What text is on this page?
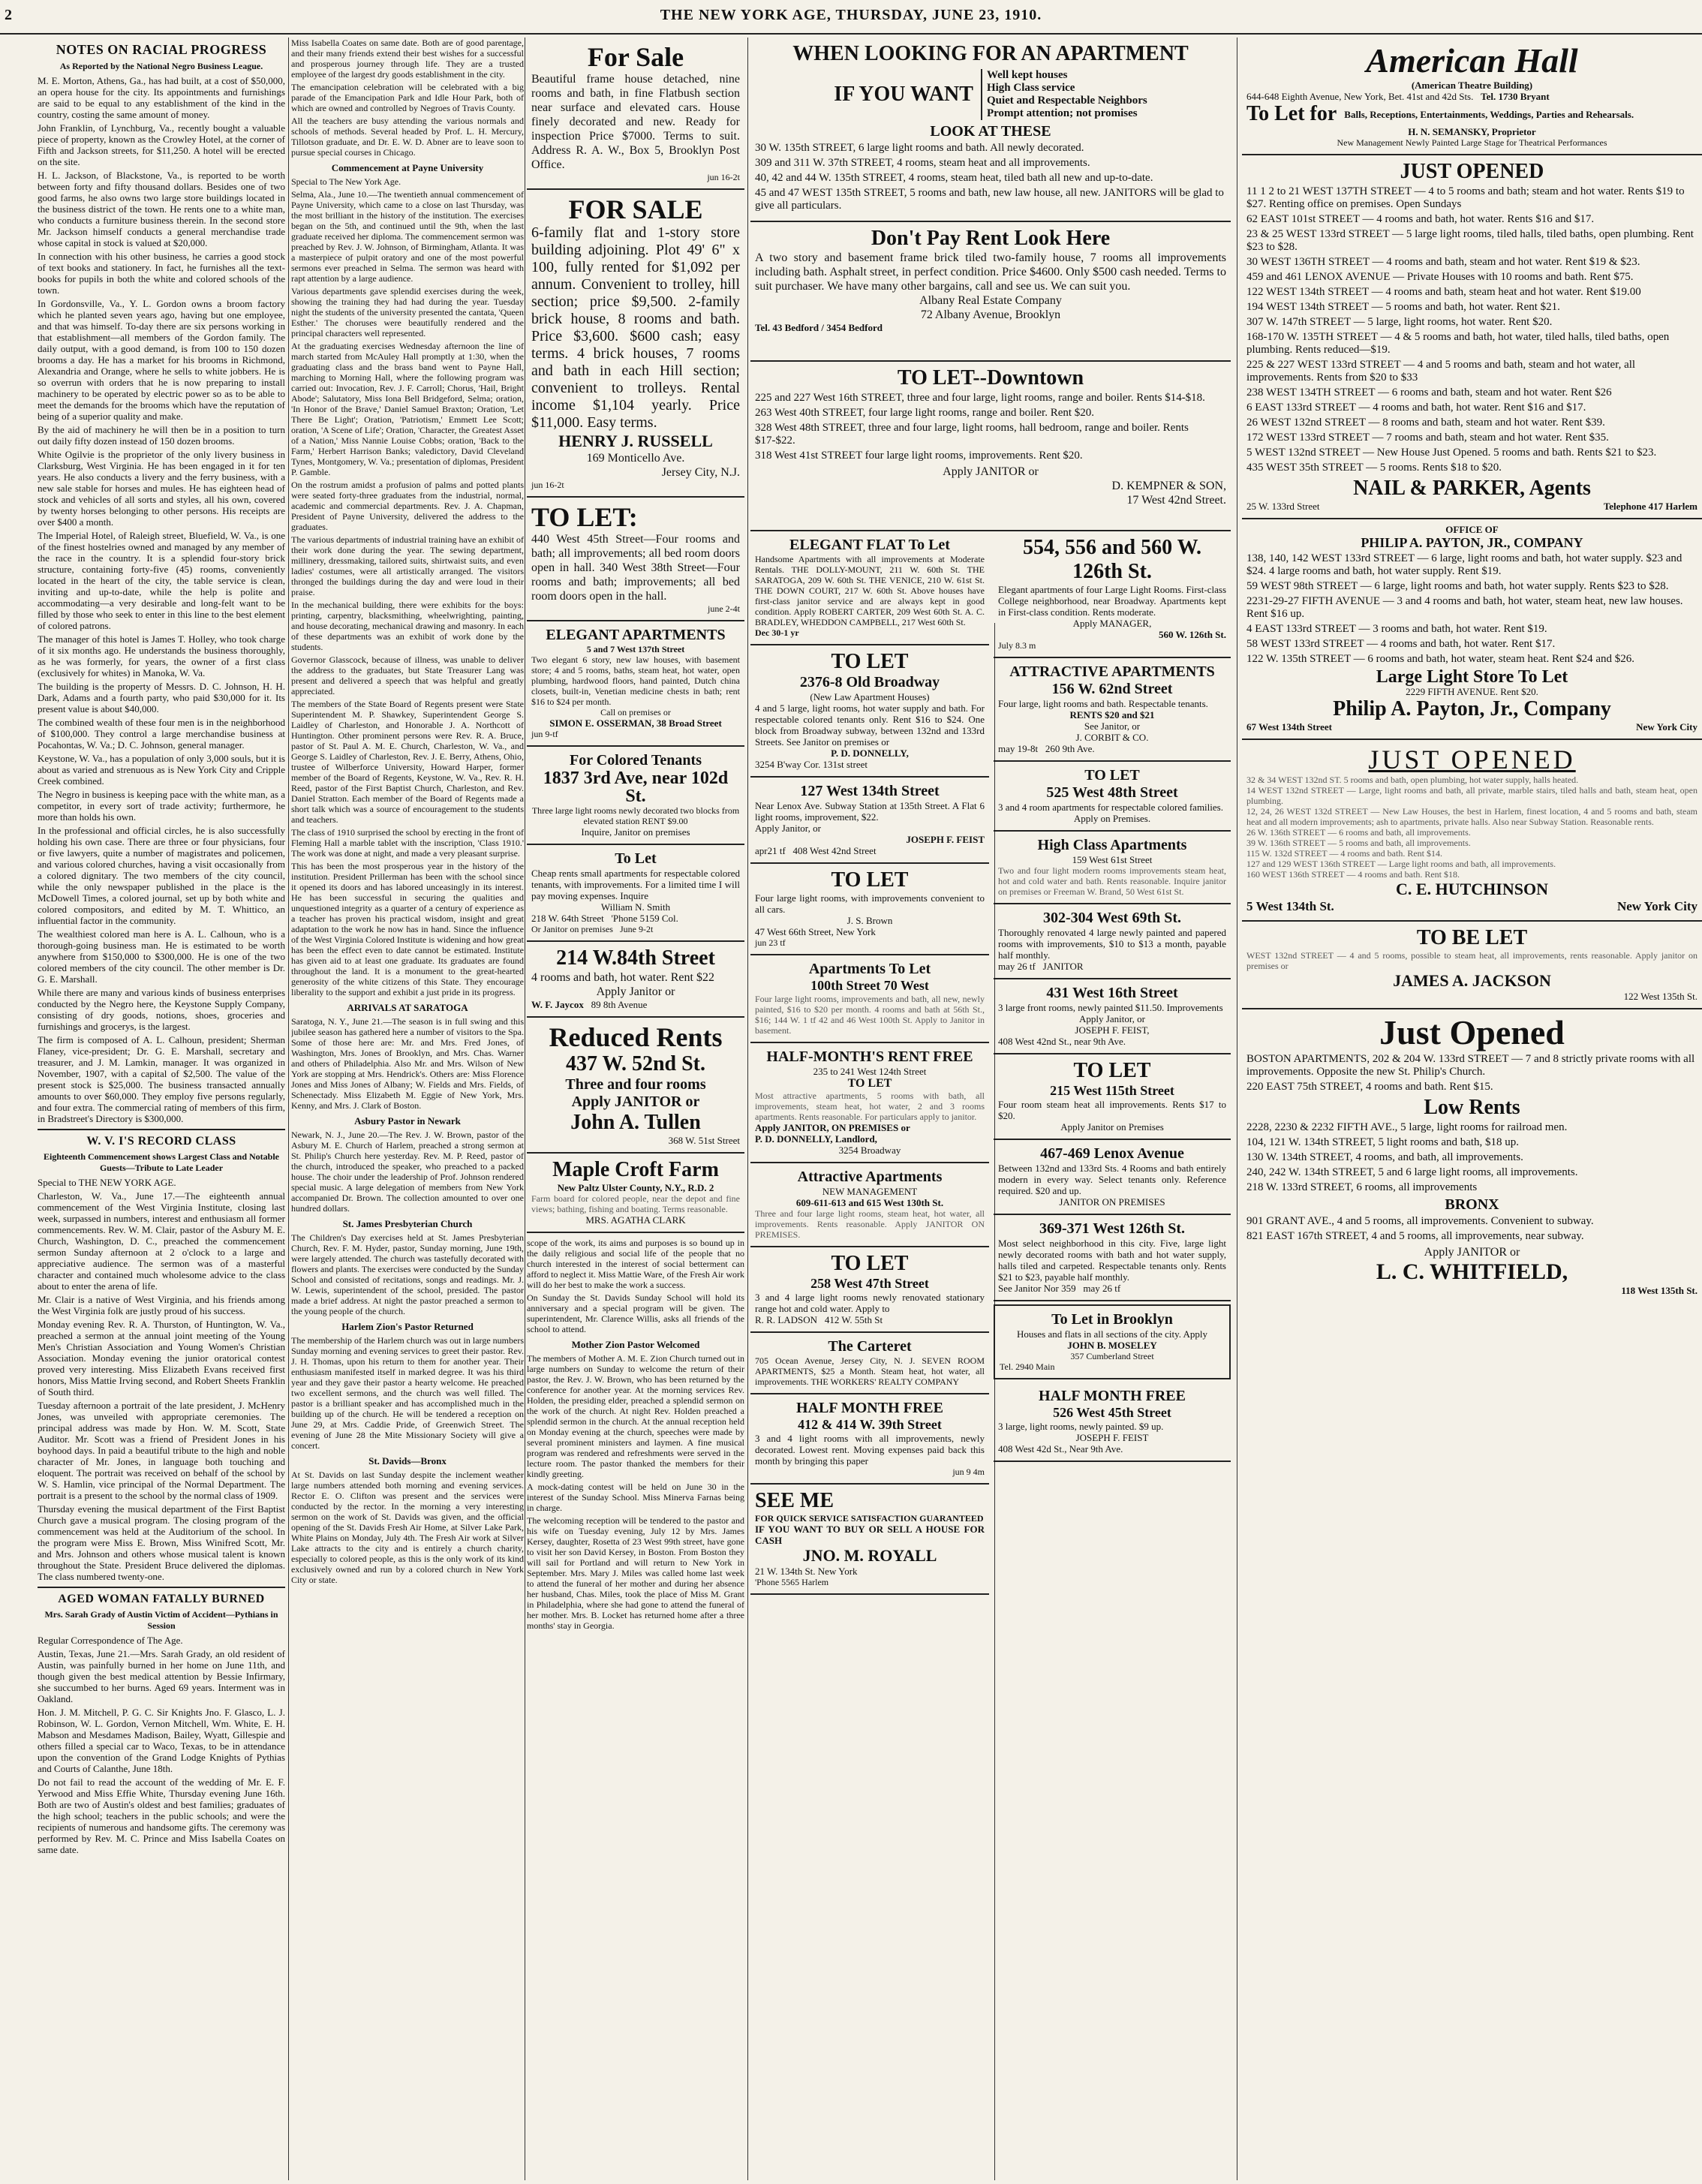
2	THE NEW YORK AGE, THURSDAY, JUNE 23, 1910.
NOTES ON RACIAL PROGRESS
As Reported by the National Negro Business League.

M. E. Morton, Athens, Ga., has had built, at a cost of $50,000, an opera house for the city. Its appointments and furnishings are said to be equal to any establishment of the kind in the country, costing the same amount of money.

John Franklin, of Lynchburg, Va., recently bought a valuable piece of property, known as the Crowley Hotel, at the corner of Fifth and Jackson streets, for $11,250. A hotel will be erected on the site.

H. L. Jackson, of Blackstone, Va., is reported to be worth between forty and fifty thousand dollars. Besides one of two good farms, he also owns two large store buildings located in the business district of the town. He rents one to a white man, who conducts a furniture business therein. In the second store Mr. Jackson himself conducts a general merchandise trade whose capital in stock is valued at $20,000.

In connection with his other business, he carries a good stock of text books and stationery. In fact, he furnishes all the text-books for pupils in both the white and colored schools of the town.

In Gordonsville, Va., Y. L. Gordon owns a broom factory which he planted seven years ago, having but one employee, and that was himself. To-day there are six persons working in that establishment—all members of the Gordon family. The daily output, with a good demand, is from 100 to 150 dozen brooms a day. He has a market for his brooms in Richmond, Alexandria and Orange, where he sells to white jobbers. He is so overrun with orders that he is now preparing to install machinery to be operated by electric power so as to be able to meet the demands for the brooms which have the reputation of being of a superior quality and make.

By the aid of machinery he will then be in a position to turn out daily fifty dozen instead of 150 dozen brooms.

White Ogilvie is the proprietor of the only livery business in Clarksburg, West Virginia. He has been engaged in it for ten years. He also conducts a livery and the ferry business, with a new sale stable for horses and mules. He has eighteen head of stock and vehicles of all sorts and styles, all his own, covered by twenty horses belonging to other persons. His receipts are over $400 a month.

The Imperial Hotel, of Raleigh street, Bluefield, W. Va., is one of the finest hostelries owned and managed by any member of the race in the country. It is a splendid four-story brick structure, containing forty-five (45) rooms, conveniently located in the heart of the city, the table service is clean, inviting and up-to-date, while the help is polite and accommodating—a very desirable and long-felt want to be filled by those who seek to enter in this line to the best element of colored patrons.

The manager of this hotel is James T. Holley, who took charge of it six months ago. He understands the business thoroughly, as he was formerly, for years, the owner of a first class (exclusively for whites) in Manoka, W. Va.

The building is the property of Messrs. D. C. Johnson, H. H. Dark, Adams and a fourth party, who paid $30,000 for it. Its present value is about $40,000.

The combined wealth of these four men is in the neighborhood of $100,000. They control a large merchandise business at Pocahontas, W. Va.; D. C. Johnson, general manager.

Keystone, W. Va., has a population of only 3,000 souls, but it is about as varied and strenuous as is New York City and Cripple Creek combined.

The Negro in business is keeping pace with the white man, as a competitor, in every sort of trade activity; furthermore, he more than holds his own.

In the professional and official circles, he is also successfully holding his own case. There are three or four physicians, four or five lawyers, quite a number of magistrates and policemen, and various colored churches, having a visit occasionally from a colored dignitary. The two members of the city council, while the only newspaper published in the place is the McDowell Times, a colored journal, set up by both white and colored compositors, and edited by M. T. Whittico, an influential factor in the community.

The wealthiest colored man here is A. L. Calhoun, who is a thorough-going business man. He is estimated to be worth anywhere from $150,000 to $300,000. He is one of the two colored members of the city council. The other member is Dr. G. E. Marshall.

While there are many and various kinds of business enterprises conducted by the Negro here, the Keystone Supply Company, consisting of dry goods, notions, shoes, groceries and furnishings and grocerys, is the largest.

The firm is composed of A. L. Calhoun, president; Sherman Flaney, vice-president; Dr. G. E. Marshall, secretary and treasurer, and J. M. Lamkin, manager. It was organized in November, 1907, with a capital of $2,500. The value of the present stock is $25,000. The business transacted annually amounts to over $60,000. They employ five persons regularly, and four extra. The commercial rating of members of this firm, in Bradstreet's Directory is $300,000.

W. V. I'S RECORD CLASS
Eighteenth Commencement shows Largest Class and Notable Guests—Tribute to Late Leader

Special to THE NEW YORK AGE.

Charleston, W. Va., June 17.—The eighteenth annual commencement of the West Virginia Institute, closing last week, surpassed in numbers, interest and enthusiasm all former commencements. Rev. W. M. Clair, pastor of the Asbury M. E. Church, Washington, D. C., preached the commencement sermon Sunday afternoon at 2 o'clock to a large and appreciative audience. The sermon was of a masterful character and contained much wholesome advice to the class about to enter the arena of life.

Mr. Clair is a native of West Virginia, and his friends among the West Virginia folk are justly proud of his success.

Monday evening Rev. R. A. Thurston, of Huntington, W. Va., preached a sermon at the annual joint meeting of the Young Men's Christian Association and Young Women's Christian Association. Monday evening the junior oratorical contest proved very interesting. Miss Elizabeth Evans received first honors, Miss Mattie Irving second, and Robert Sheets Franklin of South third.

Tuesday afternoon a portrait of the late president, J. McHenry Jones, was unveiled with appropriate ceremonies. The principal address was made by Hon. W. M. Scott, State Auditor. Mr. Scott was a friend of President Jones in his boyhood days. In paid a beautiful tribute to the high and noble character of Mr. Jones, in language both touching and eloquent. The portrait was received on behalf of the school by W. S. Hamlin, vice principal of the Normal Department. The portrait is a present to the school by the normal class of 1909.

Thursday evening the musical department of the First Baptist Church gave a musical program. The closing program of the commencement was held at the Auditorium of the school. In the program were Miss E. Brown, Miss Winifred Scott, Mr. and Mrs. Johnson and others whose musical talent is known throughout the State. President Bruce delivered the diplomas. The class numbered twenty-one.

AGED WOMAN FATALLY BURNED
Mrs. Sarah Grady of Austin Victim of Accident—Pythians in Session

Regular Correspondence of The Age.

Austin, Texas, June 21.—Mrs. Sarah Grady, an old resident of Austin, was painfully burned in her home on June 11th, and though given the best medical attention by Bessie Infirmary, she succumbed to her burns. Aged 69 years. Interment was in Oakland.

Hon. J. M. Mitchell, P. G. C. Sir Knights Jno. F. Glasco, L. J. Robinson, W. L. Gordon, Vernon Mitchell, Wm. White, E. H. Mabson and Mesdames Madison, Bailey, Wyatt, Gillespie and others filled a special car to Waco, Texas, to be in attendance upon the convention of the Grand Lodge Knights of Pythias and Courts of Calanthe, June 18th.

Do not fail to read the account of the wedding of Mr. E. F. Yerwood and Miss Effie White, Thursday evening June 16th. Both are two of Austin's oldest and best families; graduates of the high school; teachers in the public schools; and were the recipients of numerous and handsome gifts. The ceremony was performed by Rev. M. C. Prince and Miss Isabella Coates on same date.

Miss Isabella Coates on same date. Both are of good parentage, and their many friends extend their best wishes for a successful and prosperous journey through life. They are a trusted employee of the largest dry goods establishment in the city.

The emancipation celebration will be celebrated with a big parade of the Emancipation Park and Idle Hour Park, both of which are owned and controlled by Negroes of Travis County.

All the teachers are busy attending the various normals and schools of methods. Several headed by Prof. L. H. Mercury, Tillotson graduate, and Dr. E. W. D. Abner are to leave soon to pursue special courses in Chicago.

Commencement at Payne University

Special to The New York Age.

Selma, Ala., June 10.—The twentieth annual commencement of Payne University, which came to a close on last Thursday, was the most brilliant in the history of the institution. The exercises began on the 5th, and continued until the 9th, when the last graduate received her diploma. The commencement sermon was preached by Rev. J. W. Johnson, of Birmingham, Atlanta. It was a masterpiece of pulpit oratory and one of the most powerful sermons ever preached in Selma. The sermon was heard with rapt attention by a large audience.

Various departments gave splendid exercises during the week, showing the training they had had during the year. Tuesday night the students of the university presented the cantata, 'Queen Esther.' The choruses were beautifully rendered and the principal characters well represented.

At the graduating exercises Wednesday afternoon the line of march started from McAuley Hall promptly at 1:30, when the graduating class and the brass band went to Payne Hall, marching to Morning Hall, where the following program was carried out: Invocation, Rev. J. F. Carroll; Chorus, 'Hail, Bright Abode'; Salutatory, Miss Iona Bell Bridgeford, Selma; oration, 'In Honor of the Brave,' Daniel Samuel Braxton; Oration, 'Let There Be Light'; Oration, 'Patriotism,' Emmett Lee Scott; oration, 'A Scene of Life'; Oration, 'Character, the Greatest Asset of a Nation,' Miss Nannie Louise Cobbs; oration, 'Back to the Farm,' Herbert Harrison Banks; valedictory, David Cleveland Tynes, Montgomery, W. Va.; presentation of diplomas, President P. Gamble.

On the rostrum amidst a profusion of palms and potted plants were seated forty-three graduates from the industrial, normal, academic and commercial departments. Rev. J. A. Chapman, President of Payne University, delivered the address to the graduates.

The various departments of industrial training have an exhibit of their work done during the year. The sewing department, millinery, dressmaking, tailored suits, shirtwaist suits, and even ladies' costumes, were all artistically arranged. The visitors thronged the buildings during the day and were loud in their praise.

In the mechanical building, there were exhibits for the boys: printing, carpentry, blacksmithing, wheelwrighting, painting, and house decorating, mechanical drawing and masonry. In each of these departments was an exhibit of work done by the students.

Governor Glasscock, because of illness, was unable to deliver the address to the graduates, but State Treasurer Lang was present and delivered a speech that was helpful and greatly appreciated.

The members of the State Board of Regents present were State Superintendent M. P. Shawkey, Superintendent George S. Laidley of Charleston, and Honorable J. A. Northcott of Huntington. Other prominent persons were Rev. R. A. Bruce, pastor of St. Paul A. M. E. Church, Charleston, W. Va., and George S. Laidley of Charleston, Rev. J. E. Berry, Athens, Ohio, trustee of Wilberforce University, Howard Harper, former member of the Board of Regents, Keystone, W. Va., Rev. R. H. Reed, pastor of the First Baptist Church, Charleston, and Rev. Daniel Stratton. Each member of the Board of Regents made a short talk which was a source of encouragement to the students and teachers.

The class of 1910 surprised the school by erecting in the front of Fleming Hall a marble tablet with the inscription, 'Class 1910.' The work was done at night, and made a very pleasant surprise.

This has been the most prosperous year in the history of the institution. President Prillerman has been with the school since it opened its doors and has labored unceasingly in its interest. He has been successful in securing the qualities and unquestioned integrity as a quarter of a century of experience as a teacher has proven his practical wisdom, insight and great adaptation to the work he now has in hand. Since the influence of the West Virginia Colored Institute is widening and how great has been the effect even to date cannot be estimated. Institute has given aid to at least one graduate. Its graduates are found throughout the land. It is a monument to the great-hearted generosity of the white citizens of this State. They encourage liberality to the support and exhibit a just pride in its progress.

ARRIVALS AT SARATOGA

Saratoga, N. Y., June 21.—The season is in full swing and this jubilee season has gathered here a number of visitors to the Spa. Some of those here are: Mr. and Mrs. Fred Jones, of Washington, Mrs. Jones of Brooklyn, and Mrs. Chas. Warner and others of Philadelphia. Also Mr. and Mrs. Wilson of New York are stopping at Mrs. Hendrick's. Others are: Miss Florence Jones and Miss Jones of Albany; W. Fields and Mrs. Fields, of Schenectady. Miss Elizabeth M. Eggie of New York, Mrs. Kenny, and Mrs. J. Clark of Boston.

Asbury Pastor in Newark

Newark, N. J., June 20.—The Rev. J. W. Brown, pastor of the Asbury M. E. Church of Harlem, preached a strong sermon at St. Philip's Church here yesterday. Rev. M. P. Reed, pastor of the church, introduced the speaker, who preached to a packed house. The choir under the leadership of Prof. Johnson rendered special music. A large delegation of members from New York accompanied Dr. Brown. The collection amounted to over one hundred dollars.

St. James Presbyterian Church

The Children's Day exercises held at St. James Presbyterian Church, Rev. F. M. Hyder, pastor, Sunday morning, June 19th, were largely attended. The church was tastefully decorated with flowers and plants. The exercises were conducted by the Sunday School and consisted of recitations, songs and readings. Mr. J. W. Lewis, superintendent of the school, presided. The pastor made a brief address. At night the pastor preached a sermon to the young people of the church.

Harlem Zion's Pastor Returned

The membership of the Harlem church was out in large numbers Sunday morning and evening services to greet their pastor. Rev. J. H. Thomas, upon his return to them for another year. Their enthusiasm manifested itself in marked degree. It was his third year and they gave their pastor a hearty welcome. He preached two excellent sermons, and the church was well filled. The pastor is a brilliant speaker and has accomplished much in the building up of the church. He will be tendered a reception on June 29, at Mrs. Caddie Pride, of Greenwich Street. The evening of June 28 the Mite Missionary Society will give a concert.

St. Davids—Bronx

At St. Davids on last Sunday despite the inclement weather large numbers attended both morning and evening services. Rector E. O. Clifton was present and the services were conducted by the rector. In the morning a very interesting sermon on the work of St. Davids was given, and the official opening of the St. Davids Fresh Air Home, at Silver Lake Park, White Plains on Monday, July 4th. The Fresh Air work at Silver Lake attracts to the city and is entirely a church charity, especially to colored people, as this is the only work of its kind exclusively owned and run by a colored church in New York City or state.

For Sale
Beautiful frame house detached, nine rooms and bath, in fine Flatbush section near surface and elevated cars. House finely decorated and new. Ready for inspection Price $7000. Terms to suit. Address R. A. W., Box 5, Brooklyn Post Office.
jun 16-2t
FOR SALE
6-family flat and 1-story store building adjoining. Plot 49' 6" x 100, fully rented for $1,092 per annum. Convenient to trolley, hill section; price $9,500. 2-family brick house, 8 rooms and bath. Price $3,600. $600 cash; easy terms. 4 brick houses, 7 rooms and bath in each Hill section; convenient to trolleys. Rental income $1,104 yearly. Price $11,000. Easy terms.
HENRY J. RUSSELL
169 Monticello Ave.
Jersey City, N.J.
jun 16-2t
TO LET:
440 West 45th Street—Four rooms and bath; all improvements; all bed room doors open in hall. 340 West 38th Street—Four rooms and bath; improvements; all bed room doors open in the hall.
june 2-4t
ELEGANT APARTMENTS
5 and 7 West 137th Street
Two elegant 6 story, new law houses, with basement store; 4 and 5 rooms, baths, steam heat, hot water, open plumbing, hardwood floors, hand painted, Dutch china closets, built-in, Venetian medicine chests in bath; rent $16 to $24 per month.
Call on premises or
SIMON E. OSSERMAN, 38 Broad Street
jun 9-tf
For Colored Tenants
1837 3rd Ave, near 102d St.
Three large light rooms newly decorated two blocks from elevated station RENT $9.00
Inquire, Janitor on premises
To Let
Cheap rents small apartments for respectable colored tenants, with improvements. For a limited time I will pay moving expenses. Inquire
William N. Smith
218 W. 64th Street 'Phone 5159 Col.
Or Janitor on premises June 9-2t
214 W.84th Street
4 rooms and bath, hot water. Rent $22
Apply Janitor or
W. F. Jaycox 89 8th Avenue
Reduced Rents
437 W. 52nd St.
Three and four rooms
Apply JANITOR or
John A. Tullen
368 W. 51st Street
Maple Croft Farm
New Paltz Ulster County, N.Y., R.D. 2
Farm board for colored people, near the depot and fine views; bathing, fishing and boating. Terms reasonable.
MRS. AGATHA CLARK

scope of the work, its aims and purposes is so bound up in the daily religious and social life of the people that no church interested in the interest of social betterment can afford to neglect it. Miss Mattie Ware, of the Fresh Air work will do her best to make the work a success.

On Sunday the St. Davids Sunday School will hold its anniversary and a special program will be given. The superintendent, Mr. Clarence Willis, asks all friends of the school to attend.

Mother Zion Pastor Welcomed

The members of Mother A. M. E. Zion Church turned out in large numbers on Sunday to welcome the return of their pastor, the Rev. J. W. Brown, who has been returned by the conference for another year. At the morning services Rev. Holden, the presiding elder, preached a splendid sermon on the work of the church. At night Rev. Holden preached a splendid sermon in the church. At the annual reception held on Monday evening at the church, speeches were made by several prominent ministers and laymen. A fine musical program was rendered and refreshments were served in the lecture room. The pastor thanked the members for their kindly greeting.

A mock-dating contest will be held on June 30 in the interest of the Sunday School. Miss Minerva Farnas being in charge.

The welcoming reception will be tendered to the pastor and his wife on Tuesday evening, July 12 by Mrs. James Kersey, daughter, Rosetta of 23 West 99th street, have gone to visit her son David Kersey, in Boston. From Boston they will sail for Portland and will return to New York in September. Mrs. Mary J. Miles was called home last week to attend the funeral of her mother and during her absence her husband, Chas. Miles, took the place of Miss M. Grant in Philadelphia, where she had gone to attend the funeral of her mother. Mrs. B. Locket has returned home after a three months' stay in Georgia.

WHEN LOOKING FOR AN APARTMENT
IF YOU WANT
Well kept houses
High Class service
Quiet and Respectable Neighbors
Prompt attention; not promises
LOOK AT THESE
30 W. 135th STREET, 6 large light rooms and bath. All newly decorated.
309 and 311 W. 37th STREET, 4 rooms, steam heat and all improvements.
40, 42 and 44 W. 135th STREET, 4 rooms, steam heat, tiled bath all new and up-to-date.
45 and 47 WEST 135th STREET, 5 rooms and bath, new law house, all new. JANITORS will be glad to give all particulars.
Don't Pay Rent Look Here
A two story and basement frame brick tiled two-family house, 7 rooms all improvements including bath. Asphalt street, in perfect condition. Price $4600. Only $500 cash needed. Terms to suit purchaser. We have many other bargains, call and see us. We can suit you.
Albany Real Estate Company
72 Albany Avenue, Brooklyn
Tel. 43 Bedford / 3454 Bedford
TO LET--Downtown
225 and 227 West 16th STREET, three and four large, light rooms, range and boiler. Rents $14-$18.
263 West 40th STREET, four large light rooms, range and boiler. Rent $20.
328 West 48th STREET, three and four large, light rooms, hall bedroom, range and boiler. Rents $17-$22.
318 West 41st STREET four large light rooms, improvements. Rent $20.
Apply JANITOR or
D. KEMPNER & SON,
17 West 42nd Street.
ELEGANT FLAT To Let
Handsome Apartments with all improvements at Moderate Rentals. THE DOLLY-MOUNT, 211 W. 60th St. THE SARATOGA, 209 W. 60th St. THE VENICE, 210 W. 61st St. THE DOWN COURT, 217 W. 60th St. Above houses have first-class janitor service and are always kept in good condition. Apply ROBERT CARTER, 209 West 60th St. A. C. BRADLEY, WHEDDON CAMPBELL, 217 West 60th St.
Dec 30-1 yr
TO LET
2376-8 Old Broadway
(New Law Apartment Houses)
4 and 5 large, light rooms, hot water supply and bath. For respectable colored tenants only. Rent $16 to $24. One block from Broadway subway, between 132nd and 133rd Streets. See Janitor on premises or
P. D. DONNELLY,
3254 B'way Cor. 131st street
127 West 134th Street
Near Lenox Ave. Subway Station at 135th Street. A Flat 6 light rooms, improvement, $22.
Apply Janitor, or
JOSEPH F. FEIST
apr21 tf 408 West 42nd Street
TO LET
Four large light rooms, with improvements convenient to all cars.
J. S. Brown
47 West 66th Street, New York
jun 23 tf
Apartments To Let
100th Street 70 West
Four large light rooms, improvements and bath, all new, newly painted, $16 to $20 per month. 4 rooms and bath at 56th St., $16; 144 W. 1 tf 42 and 46 West 100th St. Apply to Janitor in basement.
HALF-MONTH'S RENT FREE
235 to 241 West 124th Street
TO LET
Most attractive apartments, 5 rooms with bath, all improvements, steam heat, hot water, 2 and 3 rooms apartments. Rents reasonable. For particulars apply to janitor.
Apply JANITOR, ON PREMISES or
P. D. DONNELLY, Landlord,
3254 Broadway
Attractive Apartments
NEW MANAGEMENT
609-611-613 and 615 West 130th St.
Three and four large light rooms, steam heat, hot water, all improvements. Rents reasonable. Apply JANITOR ON PREMISES.
TO LET
258 West 47th Street
3 and 4 large light rooms newly renovated stationary range hot and cold water. Apply to
R. R. LADSON 412 W. 55th St
The Carteret
705 Ocean Avenue, Jersey City, N. J. SEVEN ROOM APARTMENTS, $25 a Month. Steam heat, hot water, all improvements. THE WORKERS' REALTY COMPANY
HALF MONTH FREE
412 & 414 W. 39th Street
3 and 4 light rooms with all improvements, newly decorated. Lowest rent. Moving expenses paid back this month by bringing this paper
jun 9 4m
SEE ME
FOR QUICK SERVICE SATISFACTION GUARANTEED
IF YOU WANT TO BUY OR SELL A HOUSE FOR CASH
JNO. M. ROYALL
21 W. 134th St. New York
'Phone 5565 Harlem
554, 556 and 560 W. 126th St.
Elegant apartments of four Large Light Rooms. First-class College neighborhood, near Broadway. Apartments kept in First-class condition. Rents moderate.
Apply MANAGER,
560 W. 126th St.
July 8.3 m
ATTRACTIVE APARTMENTS
156 W. 62nd Street
Four large, light rooms and bath. Respectable tenants.
RENTS $20 and $21
See Janitor, or
J. CORBIT & CO.
may 19-8t 260 9th Ave.
TO LET
525 West 48th Street
3 and 4 room apartments for respectable colored families.
Apply on Premises.
High Class Apartments
159 West 61st Street
Two and four light modern rooms improvements steam heat, hot and cold water and bath. Rents reasonable. Inquire janitor on premises or Freeman W. Brand, 50 West 61st St.
302-304 West 69th St.
Thoroughly renovated 4 large newly painted and papered rooms with improvements, $10 to $13 a month, payable half monthly.
may 26 tf JANITOR
431 West 16th Street
3 large front rooms, newly painted $11.50. Improvements
Apply Janitor, or
JOSEPH F. FEIST,
408 West 42nd St., near 9th Ave.
TO LET
215 West 115th Street
Four room steam heat all improvements. Rents $17 to $20.
Apply Janitor on Premises
467-469 Lenox Avenue
Between 132nd and 133rd Sts. 4 Rooms and bath entirely modern in every way. Select tenants only. Reference required. $20 and up.
JANITOR ON PREMISES
369-371 West 126th St.
Most select neighborhood in this city. Five, large light newly decorated rooms with bath and hot water supply, halls tiled and carpeted. Respectable tenants only. Rents $21 to $23, payable half monthly.
See Janitor Nor 359 may 26 tf
To Let in Brooklyn
Houses and flats in all sections of the city. Apply
JOHN B. MOSELEY
357 Cumberland Street
Tel. 2940 Main
HALF MONTH FREE
526 West 45th Street
3 large, light rooms, newly painted. $9 up.
JOSEPH F. FEIST
408 West 42d St., Near 9th Ave.
American Hall
(American Theatre Building)
644-648 Eighth Avenue, New York, Bet. 41st and 42d Sts. Tel. 1730 Bryant
To Let for Balls, Receptions, Entertainments, Weddings, Parties and Rehearsals.
H. N. SEMANSKY, Proprietor
New Management Newly Painted Large Stage for Theatrical Performances
JUST OPENED
11 1 2 to 21 WEST 137TH STREET — 4 to 5 rooms and bath; steam and hot water. Rents $19 to $27. Renting office on premises. Open Sundays
62 EAST 101st STREET — 4 rooms and bath, hot water. Rents $16 and $17.
23 & 25 WEST 133rd STREET — 5 large light rooms, tiled halls, tiled baths, open plumbing. Rent $23 to $28.
30 WEST 136TH STREET — 4 rooms and bath, steam and hot water. Rent $19 & $23.
459 and 461 LENOX AVENUE — Private Houses with 10 rooms and bath. Rent $75.
122 WEST 134th STREET — 4 rooms and bath, steam heat and hot water. Rent $19.00
194 WEST 134th STREET — 5 rooms and bath, hot water. Rent $21.
307 W. 147th STREET — 5 large, light rooms, hot water. Rent $20.
168-170 W. 135TH STREET — 4 & 5 rooms and bath, hot water, tiled halls, tiled baths, open plumbing. Rents reduced—$19.
225 & 227 WEST 133rd STREET — 4 and 5 rooms and bath, steam and hot water, all improvements. Rents from $20 to $33
238 WEST 134TH STREET — 6 rooms and bath, steam and hot water. Rent $26
6 EAST 133rd STREET — 4 rooms and bath, hot water. Rent $16 and $17.
26 WEST 132nd STREET — 8 rooms and bath, steam and hot water. Rent $39.
172 WEST 133rd STREET — 7 rooms and bath, steam and hot water. Rent $35.
5 WEST 132nd STREET — New House Just Opened. 5 rooms and bath. Rents $21 to $23.
435 WEST 35th STREET — 5 rooms. Rents $18 to $20.
NAIL & PARKER, Agents
25 W. 133rd Street	Telephone 417 Harlem
OFFICE OF
PHILIP A. PAYTON, JR., COMPANY
138, 140, 142 WEST 133rd STREET — 6 large, light rooms and bath, hot water supply. $23 and $24. 4 large rooms and bath, hot water supply. Rent $19.
59 WEST 98th STREET — 6 large, light rooms and bath, hot water supply. Rents $23 to $28.
2231-29-27 FIFTH AVENUE — 3 and 4 rooms and bath, hot water, steam heat, new law houses. Rent $16 up.
4 EAST 133rd STREET — 3 rooms and bath, hot water. Rent $19.
58 WEST 133rd STREET — 4 rooms and bath, hot water. Rent $17.
122 W. 135th STREET — 6 rooms and bath, hot water, steam heat. Rent $24 and $26.
Large Light Store To Let
2229 FIFTH AVENUE. Rent $20.
Philip A. Payton, Jr., Company
67 West 134th Street	New York City
JUST OPENED
32 & 34 WEST 132nd ST. 5 rooms and bath, open plumbing, hot water supply, halls heated.
14 WEST 132nd STREET — Large, light rooms and bath, all private, marble stairs, tiled halls and bath, steam heat, open plumbing.
12, 24, 26 WEST 132d STREET — New Law Houses, the best in Harlem, finest location, 4 and 5 rooms and bath, steam heat and all modern improvements; ash to apartments, private halls. Also near Subway Station. Reasonable rents.
26 W. 136th STREET — 6 rooms and bath, all improvements.
39 W. 136th STREET — 5 rooms and bath, all improvements.
115 W. 132d STREET — 4 rooms and bath. Rent $14.
127 and 129 WEST 136th STREET — Large light rooms and bath, all improvements.
160 WEST 136th STREET — 4 rooms and bath. Rent $18.
C. E. HUTCHINSON
5 West 134th St.	New York City
TO BE LET
WEST 132nd STREET — 4 and 5 rooms, possible to steam heat, all improvements, rents reasonable. Apply janitor on premises or
JAMES A. JACKSON
122 West 135th St.
Just Opened
BOSTON APARTMENTS, 202 & 204 W. 133rd STREET — 7 and 8 strictly private rooms with all improvements. Opposite the new St. Philip's Church.
220 EAST 75th STREET, 4 rooms and bath. Rent $15.
Low Rents
2228, 2230 & 2232 FIFTH AVE., 5 large, light rooms for railroad men.
104, 121 W. 134th STREET, 5 light rooms and bath, $18 up.
130 W. 134th STREET, 4 rooms, and bath, all improvements.
240, 242 W. 134th STREET, 5 and 6 large light rooms, all improvements.
218 W. 133rd STREET, 6 rooms, all improvements
BRONX
901 GRANT AVE., 4 and 5 rooms, all improvements. Convenient to subway.
821 EAST 167th STREET, 4 and 5 rooms, all improvements, near subway.
Apply JANITOR or
L. C. WHITFIELD,
118 West 135th St.
